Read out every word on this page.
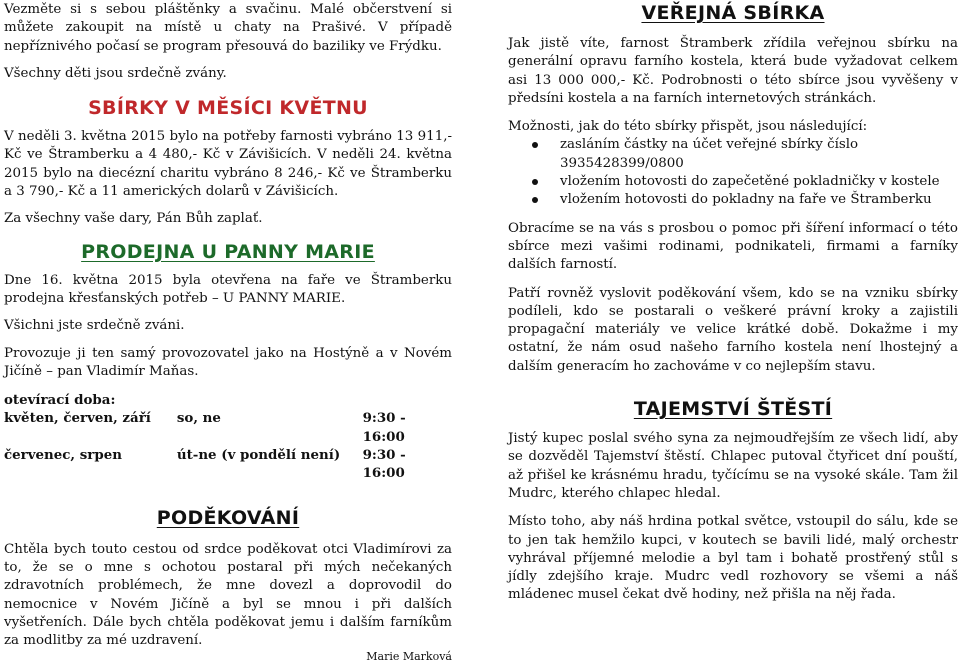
Vezměte si s sebou pláštěnky a svačinu. Malé občerstvení si můžete zakoupit na místě u chaty na Prašivé. V případě nepříznivého počasí se program přesouvá do baziliky ve Frýdku.

Všechny děti jsou srdečně zvány.

SBÍRKY V MĚSÍCI KVĚTNU

V neděli 3. května 2015 bylo na potřeby farnosti vybráno 13 911,- Kč ve Štramberku a 4 480,- Kč v Závišicích. V neděli 24. května 2015 bylo na diecézní charitu vybráno 8 246,- Kč ve Štramberku a 3 790,- Kč a 11 amerických dolarů v Závišicích.

Za všechny vaše dary, Pán Bůh zaplať.

PRODEJNA U PANNY MARIE

Dne 16. května 2015 byla otevřena na faře ve Štramberku prodejna křesťanských potřeb – U PANNY MARIE.

Všichni jste srdečně zváni.

Provozuje ji ten samý provozovatel jako na Hostýně a v Novém Jičíně – pan Vladimír Maňas.

otevírací doba:

květen, červen, září	so, ne	9:30 - 16:00
červenec, srpen	út-ne (v pondělí není)	9:30 - 16:00
PODĚKOVÁNÍ

Chtěla bych touto cestou od srdce poděkovat otci Vladimírovi za to, že se o mne s ochotou postaral při mých nečekaných zdravotních problémech, že mne dovezl a doprovodil do nemocnice v Novém Jičíně a byl se mnou i při dalších vyšetřeních. Dále bych chtěla poděkovat jemu i dalším farníkům za modlitby za mé uzdravení.

Marie Marková
VEŘEJNÁ SBÍRKA

Jak jistě víte, farnost Štramberk zřídila veřejnou sbírku na generální opravu farního kostela, která bude vyžadovat celkem asi 13 000 000,- Kč. Podrobnosti o této sbírce jsou vyvěšeny v předsíni kostela a na farních internetových stránkách.

Možnosti, jak do této sbírky přispět, jsou následující:

zasláním částky na účet veřejné sbírky číslo 3935428399/0800
vložením hotovosti do zapečetěné pokladničky v kostele
vložením hotovosti do pokladny na faře ve Štramberku

Obracíme se na vás s prosbou o pomoc při šíření informací o této sbírce mezi vašimi rodinami, podnikateli, firmami a farníky dalších farností.

Patří rovněž vyslovit poděkování všem, kdo se na vzniku sbírky podíleli, kdo se postarali o veškeré právní kroky a zajistili propagační materiály ve velice krátké době. Dokažme i my ostatní, že nám osud našeho farního kostela není lhostejný a dalším generacím ho zachováme v co nejlepším stavu.

TAJEMSTVÍ ŠTĚSTÍ

Jistý kupec poslal svého syna za nejmoudřejším ze všech lidí, aby se dozvěděl Tajemství štěstí. Chlapec putoval čtyřicet dní pouští, až přišel ke krásnému hradu, tyčícímu se na vysoké skále. Tam žil Mudrc, kterého chlapec hledal.

Místo toho, aby náš hrdina potkal světce, vstoupil do sálu, kde se to jen tak hemžilo kupci, v koutech se bavili lidé, malý orchestr vyhrával příjemné melodie a byl tam i bohatě prostřený stůl s jídly zdejšího kraje. Mudrc vedl rozhovory se všemi a náš mládenec musel čekat dvě hodiny, než přišla na něj řada.
